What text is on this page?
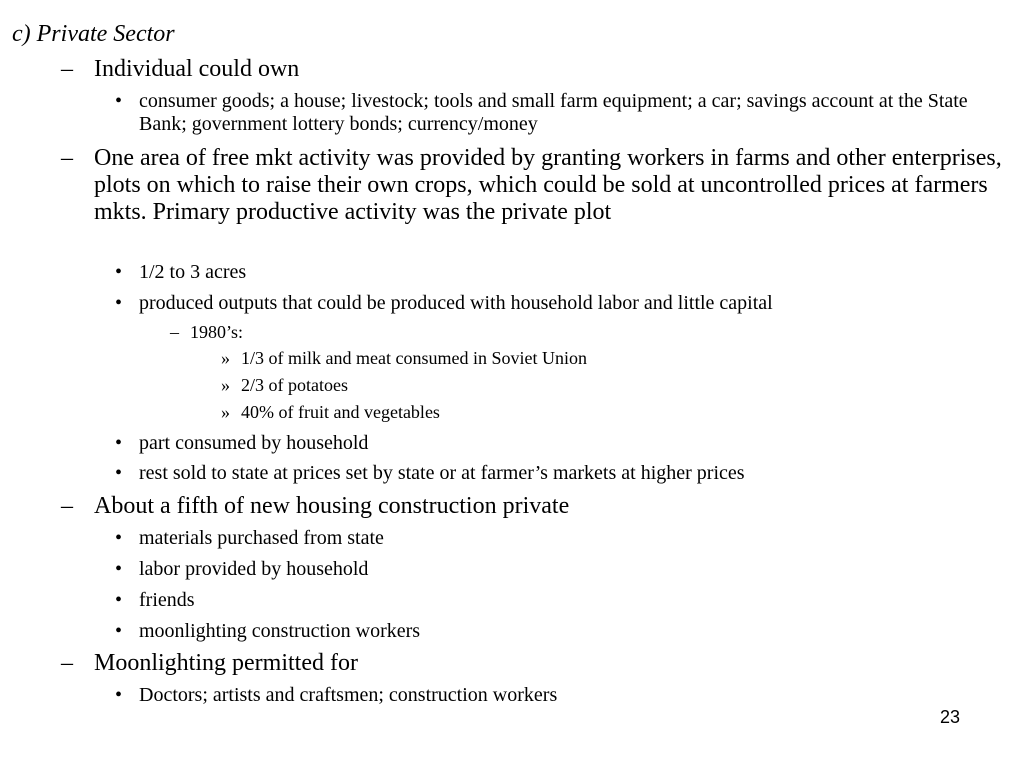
c) Private Sector
– Individual could own
• consumer goods; a house; livestock; tools and small farm equipment; a car; savings account at the State Bank; government lottery bonds; currency/money
– One area of free mkt activity was provided by granting workers in farms and other enterprises, plots on which to raise their own crops, which could be sold at uncontrolled prices at farmers mkts. Primary productive activity was the private plot
• 1/2 to 3 acres
• produced outputs that could be produced with household labor and little capital
– 1980’s:
» 1/3 of milk and meat consumed in Soviet Union
» 2/3 of potatoes
» 40% of fruit and vegetables
• part consumed by household
• rest sold to state at prices set by state or at farmer’s markets at higher prices
– About a fifth of new housing construction private
• materials purchased from state
• labor provided by household
• friends
• moonlighting construction workers
– Moonlighting permitted for
• Doctors; artists and craftsmen; construction workers
23
